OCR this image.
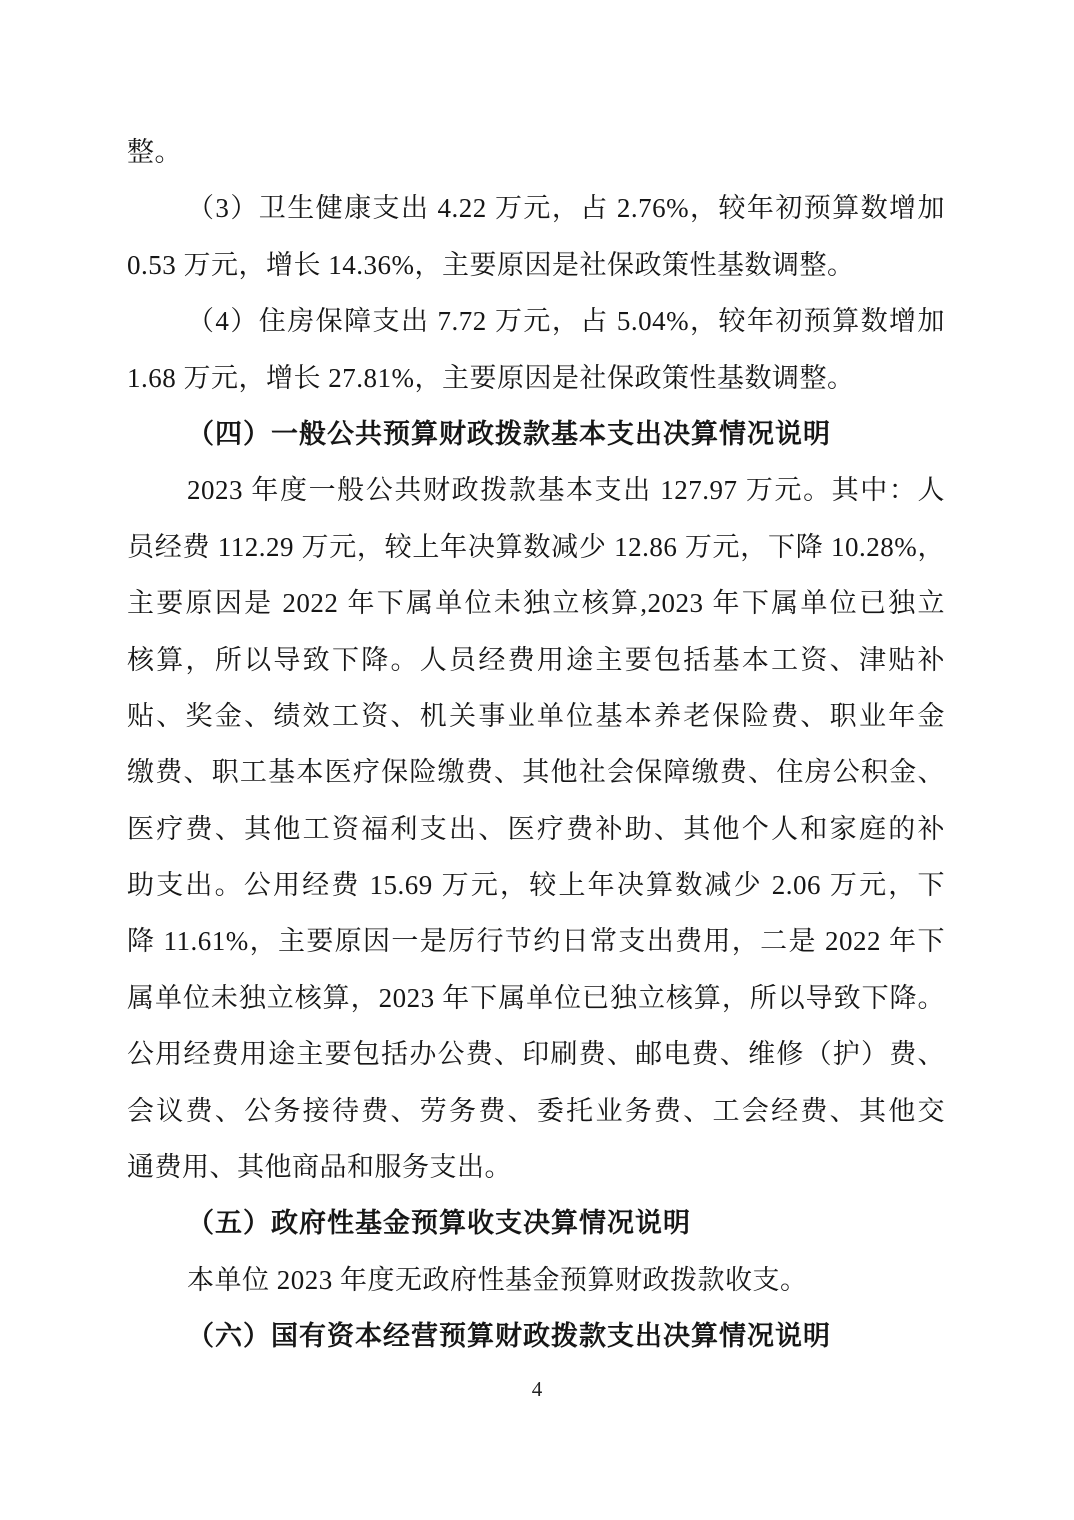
整。
（3）卫生健康支出 4.22 万元，占 2.76%，较年初预算数增加
0.53 万元，增长 14.36%，主要原因是社保政策性基数调整。
（4）住房保障支出 7.72 万元，占 5.04%，较年初预算数增加
1.68 万元，增长 27.81%，主要原因是社保政策性基数调整。
（四）一般公共预算财政拨款基本支出决算情况说明
2023 年度一般公共财政拨款基本支出 127.97 万元。其中：人
员经费 112.29 万元，较上年决算数减少 12.86 万元，下降 10.28%，
主要原因是 2022 年下属单位未独立核算,2023 年下属单位已独立
核算，所以导致下降。人员经费用途主要包括基本工资、津贴补
贴、奖金、绩效工资、机关事业单位基本养老保险费、职业年金
缴费、职工基本医疗保险缴费、其他社会保障缴费、住房公积金、
医疗费、其他工资福利支出、医疗费补助、其他个人和家庭的补
助支出。公用经费 15.69 万元，较上年决算数减少 2.06 万元，下
降 11.61%，主要原因一是厉行节约日常支出费用，二是 2022 年下
属单位未独立核算，2023 年下属单位已独立核算，所以导致下降。
公用经费用途主要包括办公费、印刷费、邮电费、维修（护）费、
会议费、公务接待费、劳务费、委托业务费、工会经费、其他交
通费用、其他商品和服务支出。
（五）政府性基金预算收支决算情况说明
本单位 2023 年度无政府性基金预算财政拨款收支。
（六）国有资本经营预算财政拨款支出决算情况说明
4
